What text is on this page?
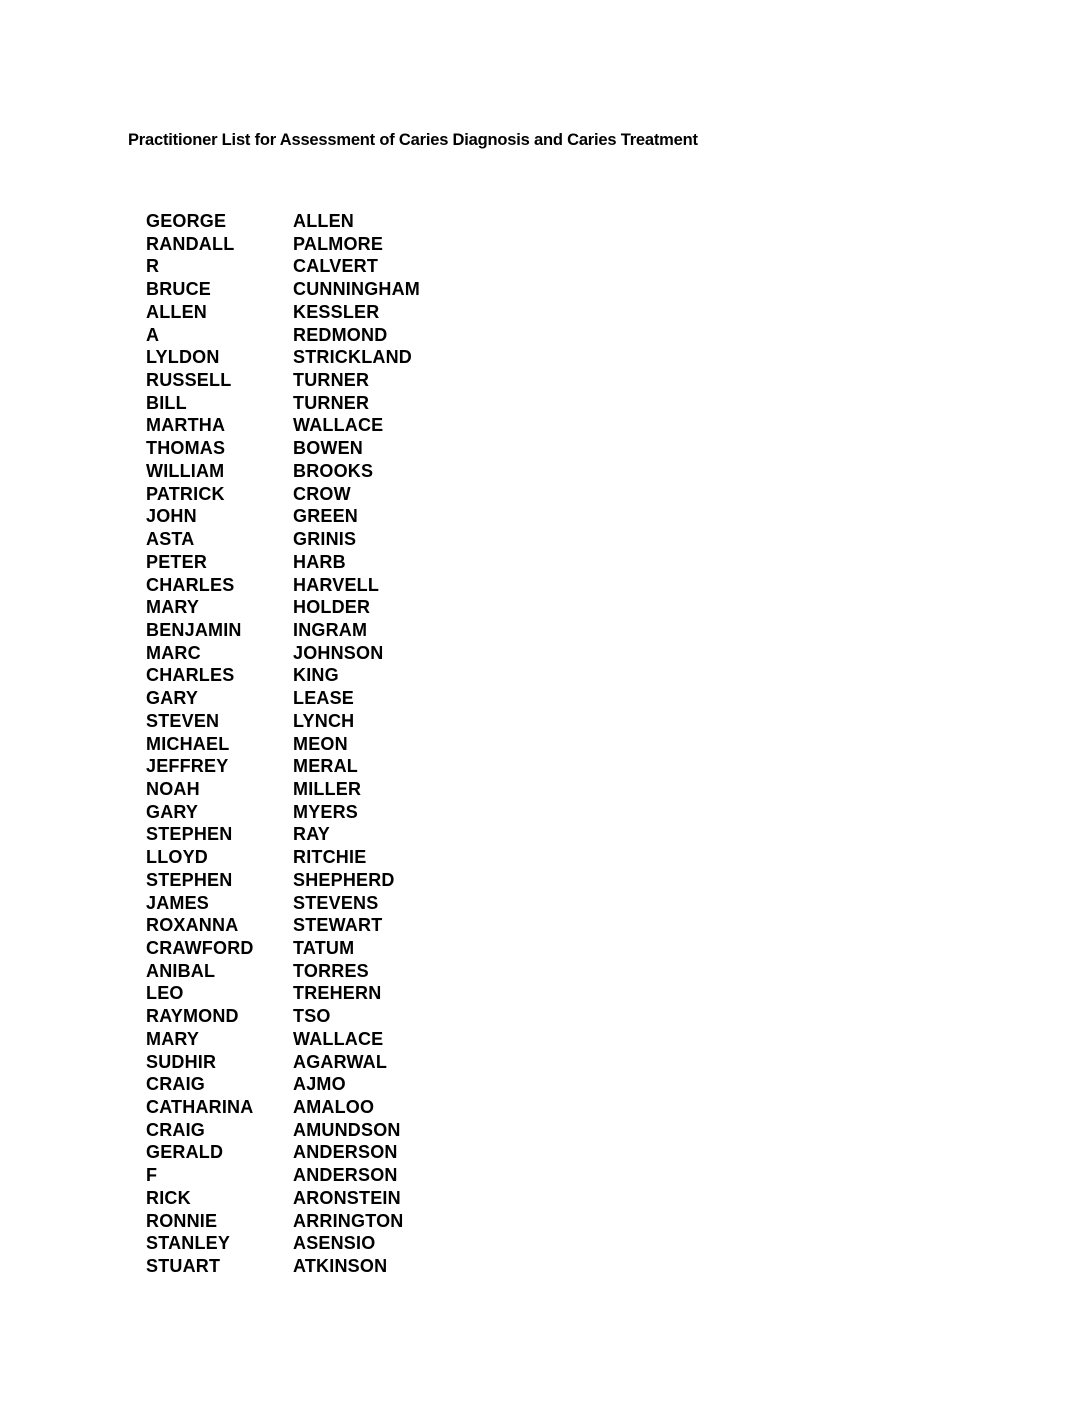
Practitioner List for Assessment of Caries Diagnosis and Caries Treatment
GEORGE	ALLEN
RANDALL	PALMORE
R	CALVERT
BRUCE	CUNNINGHAM
ALLEN	KESSLER
A	REDMOND
LYLDON	STRICKLAND
RUSSELL	TURNER
BILL	TURNER
MARTHA	WALLACE
THOMAS	BOWEN
WILLIAM	BROOKS
PATRICK	CROW
JOHN	GREEN
ASTA	GRINIS
PETER	HARB
CHARLES	HARVELL
MARY	HOLDER
BENJAMIN	INGRAM
MARC	JOHNSON
CHARLES	KING
GARY	LEASE
STEVEN	LYNCH
MICHAEL	MEON
JEFFREY	MERAL
NOAH	MILLER
GARY	MYERS
STEPHEN	RAY
LLOYD	RITCHIE
STEPHEN	SHEPHERD
JAMES	STEVENS
ROXANNA	STEWART
CRAWFORD	TATUM
ANIBAL	TORRES
LEO	TREHERN
RAYMOND	TSO
MARY	WALLACE
SUDHIR	AGARWAL
CRAIG	AJMO
CATHARINA	AMALOO
CRAIG	AMUNDSON
GERALD	ANDERSON
F	ANDERSON
RICK	ARONSTEIN
RONNIE	ARRINGTON
STANLEY	ASENSIO
STUART	ATKINSON
